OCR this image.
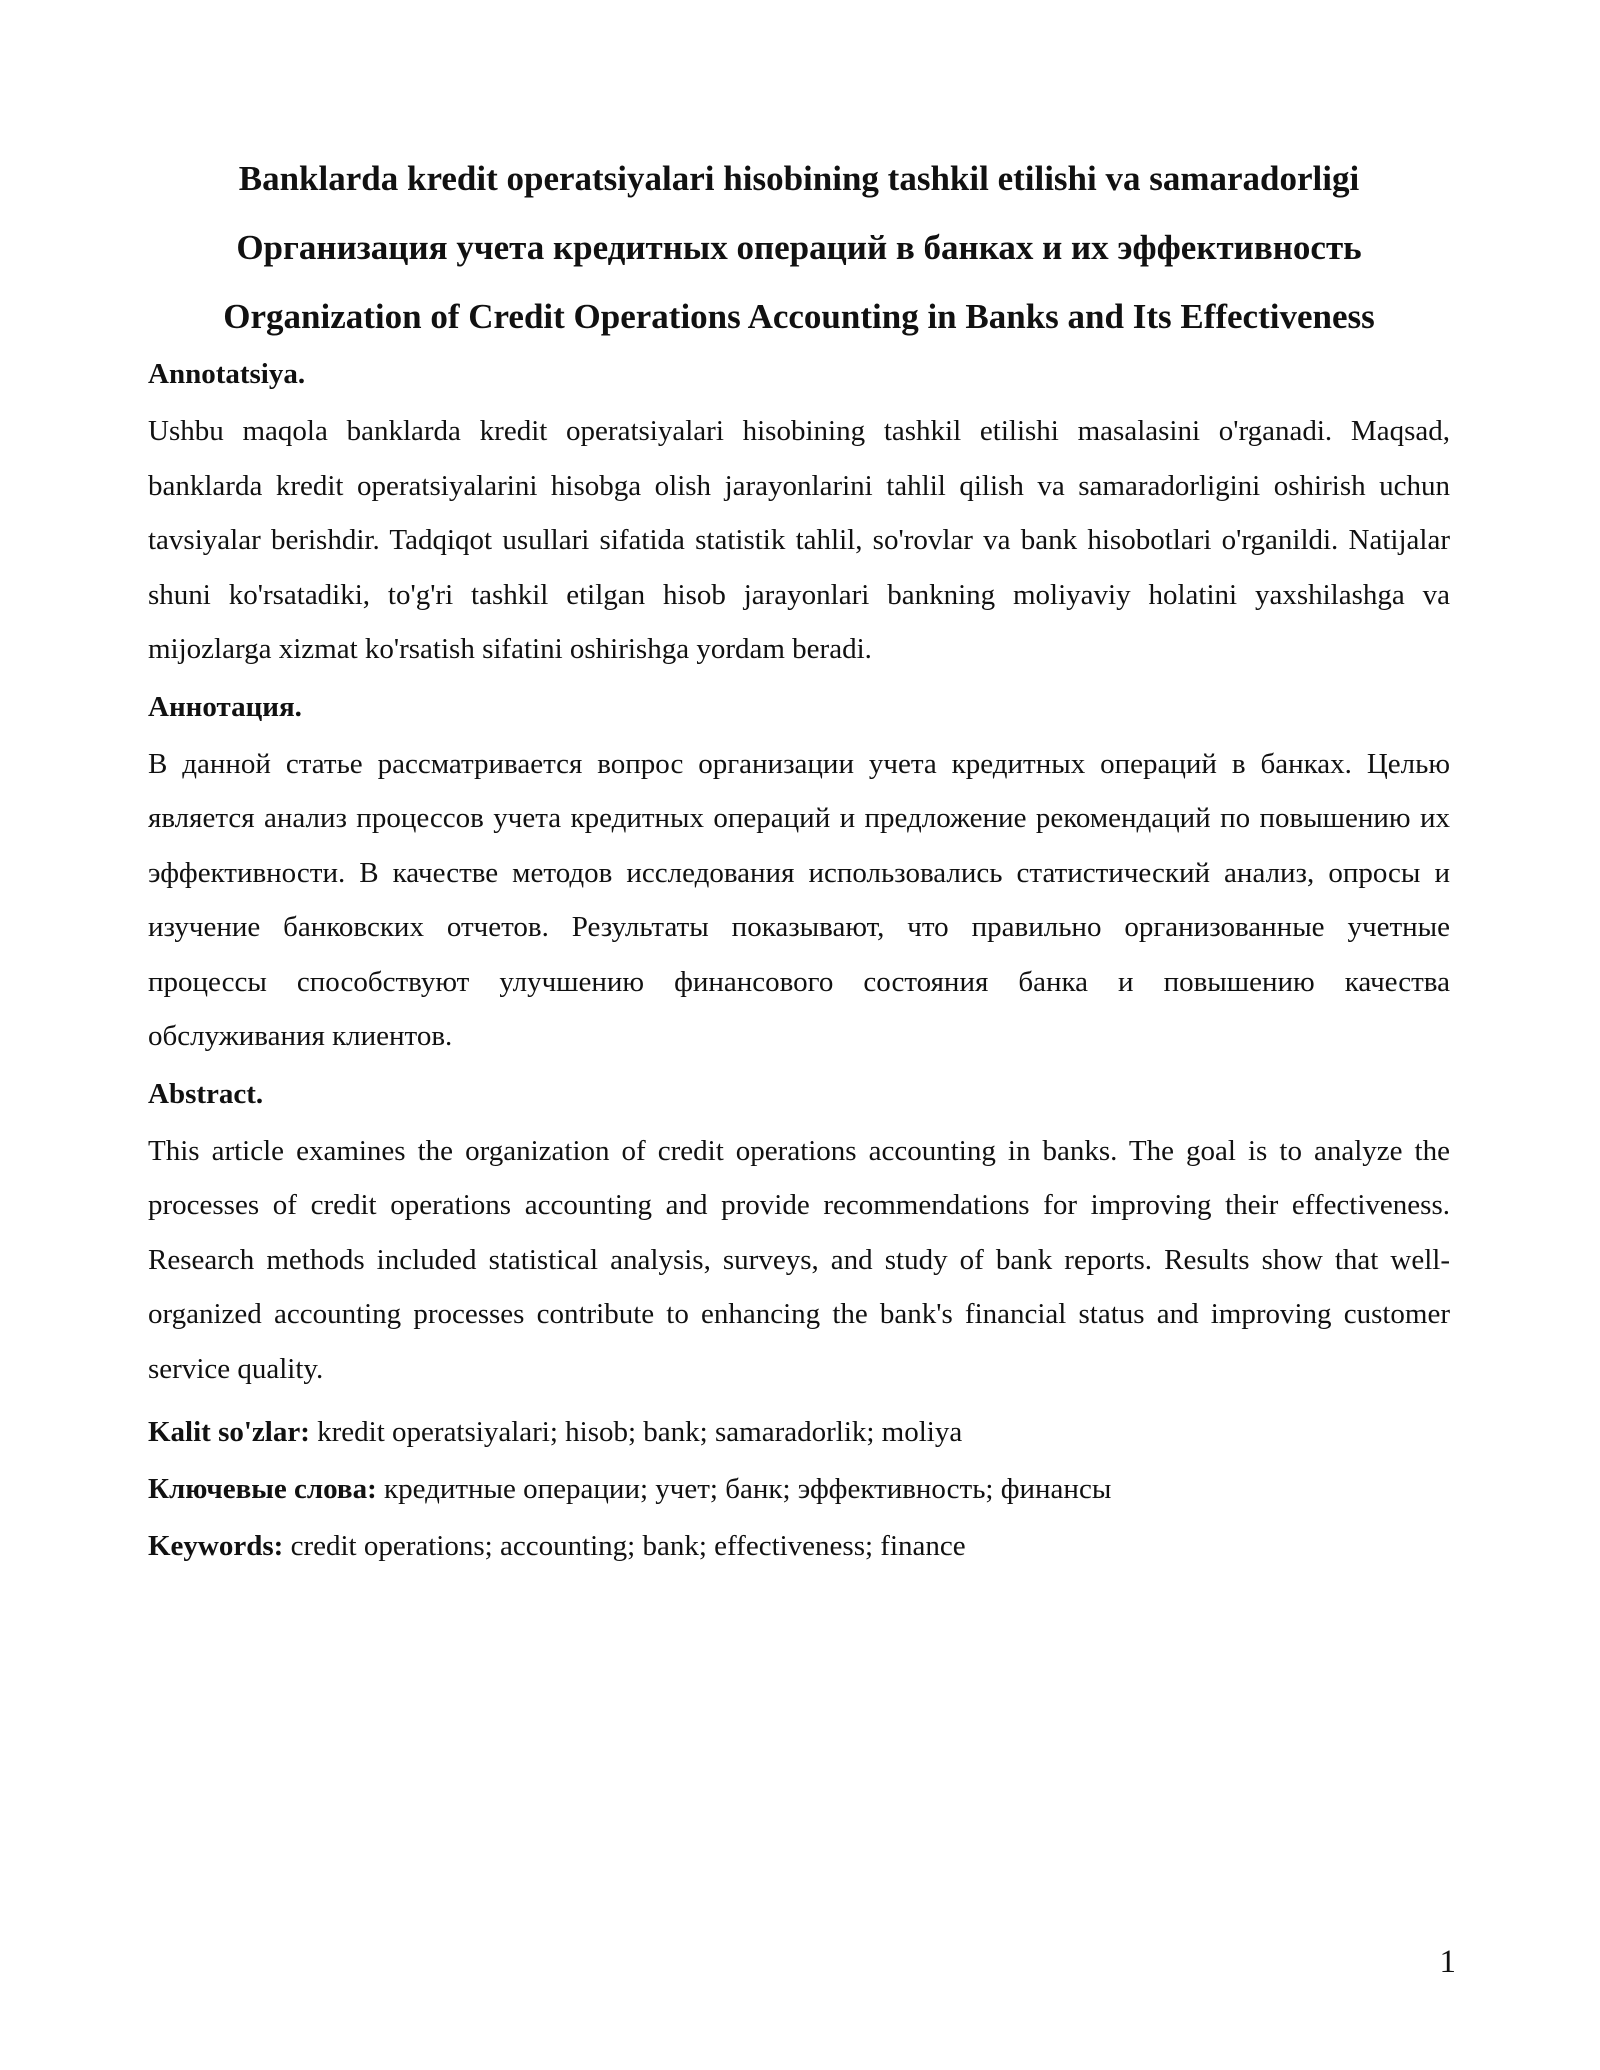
Banklarda kredit operatsiyalari hisobining tashkil etilishi va samaradorligi
Организация учета кредитных операций в банках и их эффективность
Organization of Credit Operations Accounting in Banks and Its Effectiveness
Annotatsiya.

Ushbu maqola banklarda kredit operatsiyalari hisobining tashkil etilishi masalasini o'rganadi. Maqsad, banklarda kredit operatsiyalarini hisobga olish jarayonlarini tahlil qilish va samaradorligini oshirish uchun tavsiyalar berishdir. Tadqiqot usullari sifatida statistik tahlil, so'rovlar va bank hisobotlari o'rganildi. Natijalar shuni ko'rsatadiki, to'g'ri tashkil etilgan hisob jarayonlari bankning moliyaviy holatini yaxshilashga va mijozlarga xizmat ko'rsatish sifatini oshirishga yordam beradi.

Аннотация.

В данной статье рассматривается вопрос организации учета кредитных операций в банках. Целью является анализ процессов учета кредитных операций и предложение рекомендаций по повышению их эффективности. В качестве методов исследования использовались статистический анализ, опросы и изучение банковских отчетов. Результаты показывают, что правильно организованные учетные процессы способствуют улучшению финансового состояния банка и повышению качества обслуживания клиентов.

Abstract.

This article examines the organization of credit operations accounting in banks. The goal is to analyze the processes of credit operations accounting and provide recommendations for improving their effectiveness. Research methods included statistical analysis, surveys, and study of bank reports. Results show that well-organized accounting processes contribute to enhancing the bank's financial status and improving customer service quality.

Kalit so'zlar: kredit operatsiyalari; hisob; bank; samaradorlik; moliya
Ключевые слова: кредитные операции; учет; банк; эффективность; финансы
Keywords: credit operations; accounting; bank; effectiveness; finance
1
